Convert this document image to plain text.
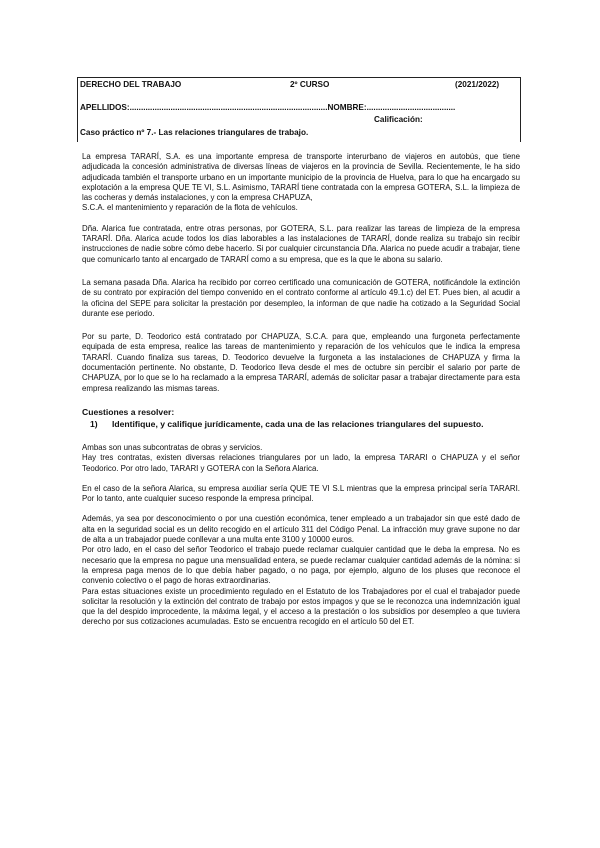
DERECHO DEL TRABAJO	2º CURSO	(2021/2022)
APELLIDOS:.......................................................................................NOMBRE:.......................................
Calificación:
Caso práctico nº 7.- Las relaciones triangulares de trabajo.

La empresa TARARÍ, S.A. es una importante empresa de transporte interurbano de viajeros en autobús, que tiene adjudicada la concesión administrativa de diversas líneas de viajeros en la provincia de Sevilla. Recientemente, le ha sido adjudicada también el transporte urbano en un importante municipio de la provincia de Huelva, para lo que ha encargado su explotación a la empresa QUE TE VI, S.L. Asimismo, TARARÍ tiene contratada con la empresa GOTERA, S.L. la limpieza de las cocheras y demás instalaciones, y con la empresa CHAPUZA,

S.C.A. el mantenimiento y reparación de la flota de vehículos.

Dña. Alarica fue contratada, entre otras personas, por GOTERA, S.L. para realizar las tareas de limpieza de la empresa TARARÍ. Dña. Alarica acude todos los días laborables a las instalaciones de TARARÍ, donde realiza su trabajo sin recibir instrucciones de nadie sobre cómo debe hacerlo. Si por cualquier circunstancia Dña. Alarica no puede acudir a trabajar, tiene que comunicarlo tanto al encargado de TARARÍ como a su empresa, que es la que le abona su salario.

La semana pasada Dña. Alarica ha recibido por correo certificado una comunicación de GOTERA, notificándole la extinción de su contrato por expiración del tiempo convenido en el contrato conforme al artículo 49.1.c) del ET. Pues bien, al acudir a la oficina del SEPE para solicitar la prestación por desempleo, la informan de que nadie ha cotizado a la Seguridad Social durante ese periodo.

Por su parte, D. Teodorico está contratado por CHAPUZA, S.C.A. para que, empleando una furgoneta perfectamente equipada de esta empresa, realice las tareas de mantenimiento y reparación de los vehículos que le indica la empresa TARARÍ. Cuando finaliza sus tareas, D. Teodorico devuelve la furgoneta a las instalaciones de CHAPUZA y firma la documentación pertinente. No obstante, D. Teodorico lleva desde el mes de octubre sin percibir el salario por parte de CHAPUZA, por lo que se lo ha reclamado a la empresa TARARÍ, además de solicitar pasar a trabajar directamente para esta empresa realizando las mismas tareas.

Cuestiones a resolver:
1) Identifique, y califique jurídicamente, cada una de las relaciones triangulares del supuesto.

Ambas son unas subcontratas de obras y servicios.

Hay tres contratas, existen diversas relaciones triangulares por un lado, la empresa TARARI o CHAPUZA y el señor Teodorico. Por otro lado, TARARI y GOTERA con la Señora Alarica.

En el caso de la señora Alarica, su empresa auxiliar sería QUE TE VI S.L mientras que la empresa principal sería TARARI. Por lo tanto, ante cualquier suceso responde la empresa principal.

Además, ya sea por desconocimiento o por una cuestión económica, tener empleado a un trabajador sin que esté dado de alta en la seguridad social es un delito recogido en el artículo 311 del Código Penal. La infracción muy grave supone no dar de alta a un trabajador puede conllevar a una multa ente 3100 y 10000 euros.

Por otro lado, en el caso del señor Teodorico el trabajo puede reclamar cualquier cantidad que le deba la empresa. No es necesario que la empresa no pague una mensualidad entera, se puede reclamar cualquier cantidad además de la nómina: si la empresa paga menos de lo que debía haber pagado, o no paga, por ejemplo, alguno de los pluses que reconoce el convenio colectivo o el pago de horas extraordinarias.

Para estas situaciones existe un procedimiento regulado en el Estatuto de los Trabajadores por el cual el trabajador puede solicitar la resolución y la extinción del contrato de trabajo por estos impagos y que se le reconozca una indemnización igual que la del despido improcedente, la máxima legal, y el acceso a la prestación o los subsidios por desempleo a que tuviera derecho por sus cotizaciones acumuladas. Esto se encuentra recogido en el artículo 50 del ET.
